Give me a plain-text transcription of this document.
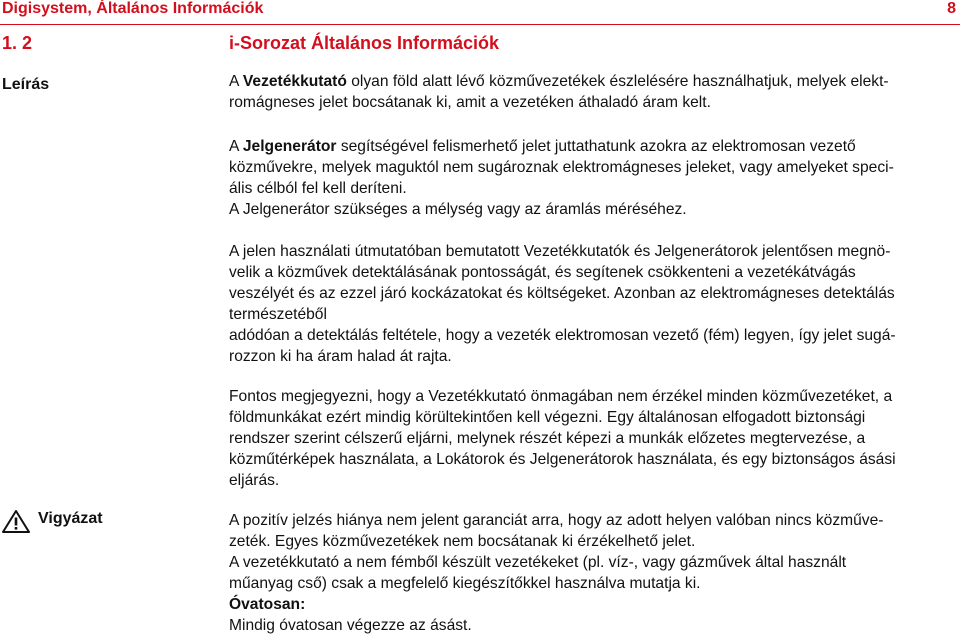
Digisystem, Általános Információk	8
1. 2	i-Sorozat Általános Információk
Leírás	A Vezetékkutató olyan föld alatt lévő közművezetékek észlelésére használhatjuk, melyek elekt-

romágneses jelet bocsátanak ki, amit a vezetéken áthaladó áram kelt.

A Jelgenerátor segítségével felismerhető jelet juttathatunk azokra az elektromosan vezető

közművekre, melyek maguktól nem sugároznak elektromágneses jeleket, vagy amelyeket speci-

ális célból fel kell deríteni.

A Jelgenerátor szükséges a mélység vagy az áramlás méréséhez.

A jelen használati útmutatóban bemutatott Vezetékkutatók és Jelgenerátorok jelentősen megnö-

velik a közművek detektálásának pontosságát, és segítenek csökkenteni a vezetékátvágás

veszélyét és az ezzel járó kockázatokat és költségeket. Azonban az elektromágneses detektálás

természetéből

adódóan a detektálás feltétele, hogy a vezeték elektromosan vezető (fém) legyen, így jelet sugá-

rozzon ki ha áram halad át rajta.

Fontos megjegyezni, hogy a Vezetékkutató önmagában nem érzékel minden közművezetéket, a

földmunkákat ezért mindig körültekintően kell végezni. Egy általánosan elfogadott biztonsági

rendszer szerint célszerű eljárni, melynek részét képezi a munkák előzetes megtervezése, a

közműtérképek használata, a Lokátorok és Jelgenerátorok használata, és egy biztonságos ásási

eljárás.

Vigyázat	A pozitív jelzés hiánya nem jelent garanciát arra, hogy az adott helyen valóban nincs közműve-

zeték. Egyes közművezetékek nem bocsátanak ki érzékelhető jelet.

A vezetékkutató a nem fémből készült vezetékeket (pl. víz-, vagy gázművek által használt

műanyag cső) csak a megfelelő kiegészítőkkel használva mutatja ki.

Óvatosan:

Mindig óvatosan végezze az ásást.
